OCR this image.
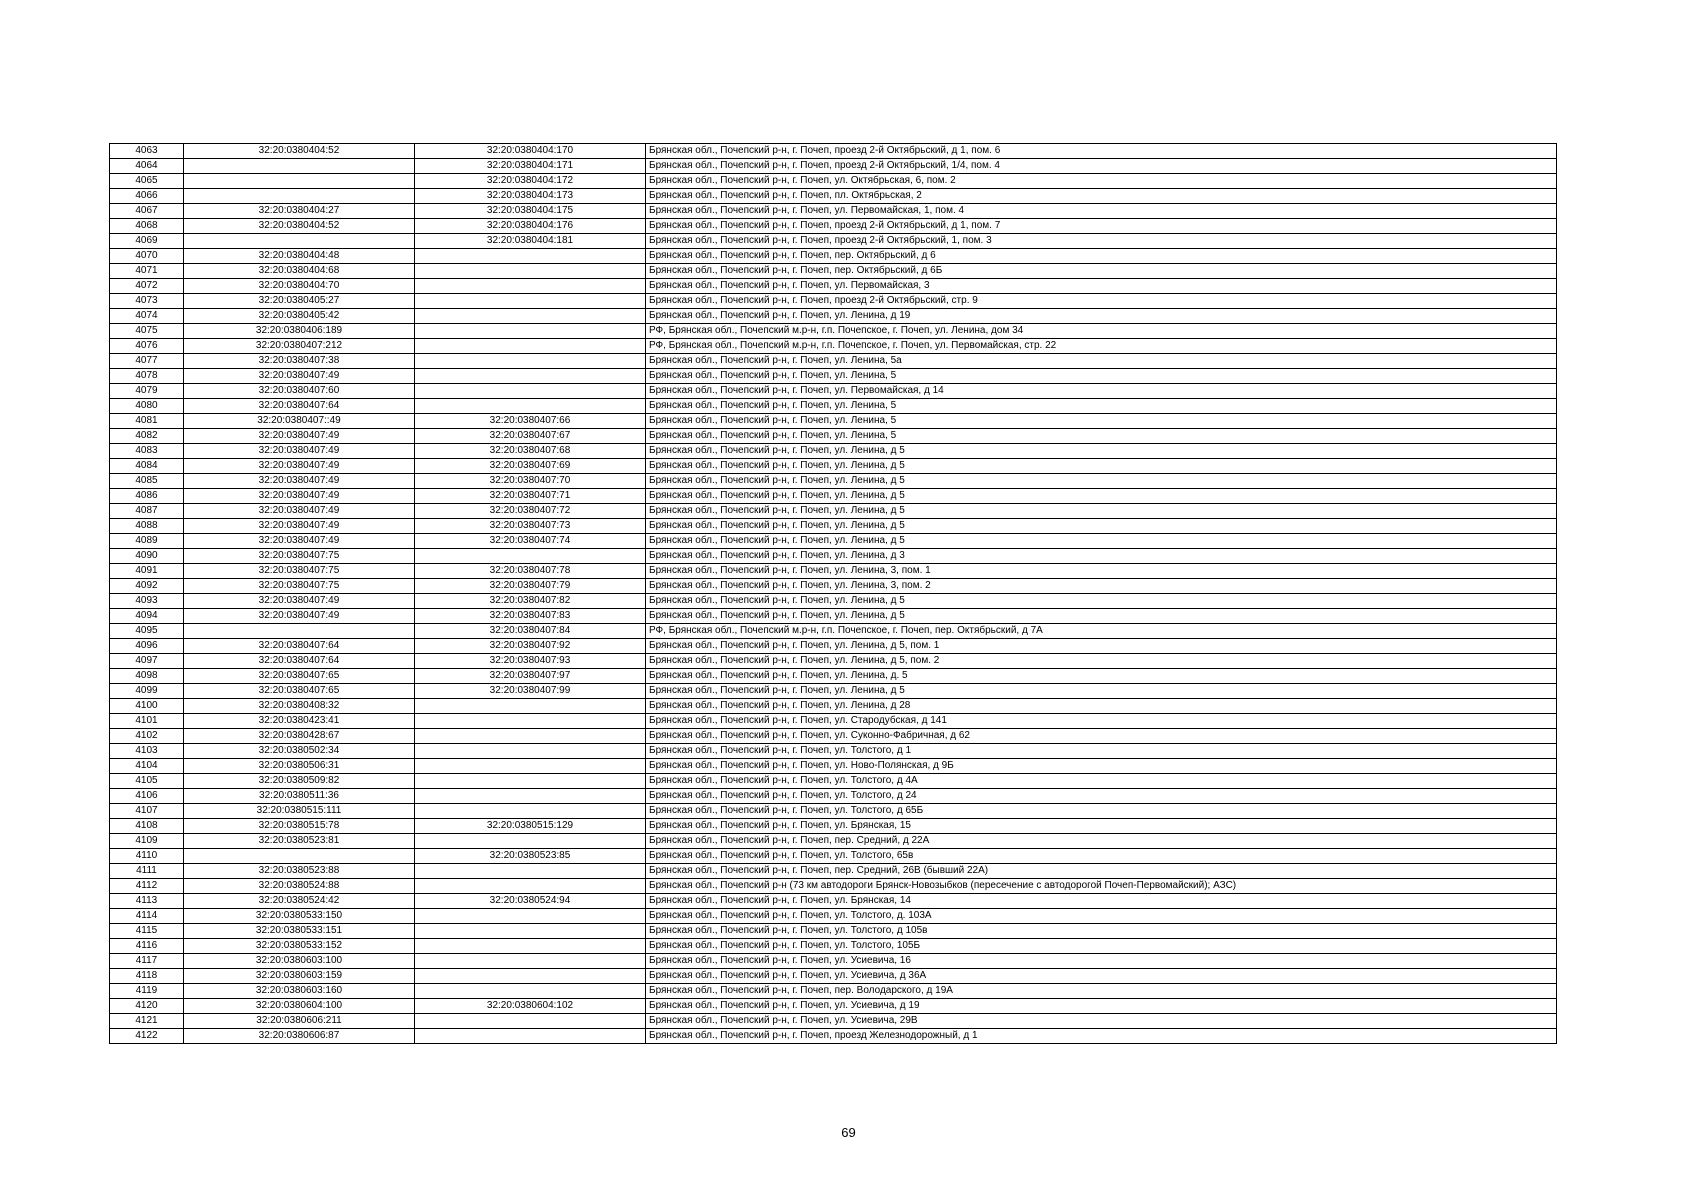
4063	32:20:0380404:52	32:20:0380404:170	Брянская обл., Почепский р-н, г. Почеп, проезд 2-й Октябрьский, д 1, пом. 6
4064		32:20:0380404:171	Брянская обл., Почепский р-н, г. Почеп, проезд 2-й Октябрьский, 1/4, пом. 4
4065		32:20:0380404:172	Брянская обл., Почепский р-н, г. Почеп, ул. Октябрьская, 6, пом. 2
4066		32:20:0380404:173	Брянская обл., Почепский р-н, г. Почеп, пл. Октябрьская, 2
4067	32:20:0380404:27	32:20:0380404:175	Брянская обл., Почепский р-н, г. Почеп, ул. Первомайская, 1, пом. 4
4068	32:20:0380404:52	32:20:0380404:176	Брянская обл., Почепский р-н, г. Почеп, проезд 2-й Октябрьский, д 1, пом. 7
4069		32:20:0380404:181	Брянская обл., Почепский р-н, г. Почеп, проезд 2-й Октябрьский, 1, пом. 3
4070	32:20:0380404:48		Брянская обл., Почепский р-н, г. Почеп, пер. Октябрьский, д 6
4071	32:20:0380404:68		Брянская обл., Почепский р-н, г. Почеп, пер. Октябрьский, д 6Б
4072	32:20:0380404:70		Брянская обл., Почепский р-н, г. Почеп, ул. Первомайская, 3
4073	32:20:0380405:27		Брянская обл., Почепский р-н, г. Почеп, проезд 2-й Октябрьский, стр. 9
4074	32:20:0380405:42		Брянская обл., Почепский р-н, г. Почеп, ул. Ленина, д 19
4075	32:20:0380406:189		РФ, Брянская обл., Почепский м.р-н, г.п. Почепское, г. Почеп, ул. Ленина, дом 34
4076	32:20:0380407:212		РФ, Брянская обл., Почепский м.р-н, г.п. Почепское, г. Почеп, ул. Первомайская, стр. 22
4077	32:20:0380407:38		Брянская обл., Почепский р-н, г. Почеп, ул. Ленина, 5а
4078	32:20:0380407:49		Брянская обл., Почепский р-н, г. Почеп, ул. Ленина, 5
4079	32:20:0380407:60		Брянская обл., Почепский р-н, г. Почеп, ул. Первомайская, д 14
4080	32:20:0380407:64		Брянская обл., Почепский р-н, г. Почеп, ул. Ленина, 5
4081	32:20:0380407::49	32:20:0380407:66	Брянская обл., Почепский р-н, г. Почеп, ул. Ленина, 5
4082	32:20:0380407:49	32:20:0380407:67	Брянская обл., Почепский р-н, г. Почеп, ул. Ленина, 5
4083	32:20:0380407:49	32:20:0380407:68	Брянская обл., Почепский р-н, г. Почеп, ул. Ленина, д 5
4084	32:20:0380407:49	32:20:0380407:69	Брянская обл., Почепский р-н, г. Почеп, ул. Ленина, д 5
4085	32:20:0380407:49	32:20:0380407:70	Брянская обл., Почепский р-н, г. Почеп, ул. Ленина, д 5
4086	32:20:0380407:49	32:20:0380407:71	Брянская обл., Почепский р-н, г. Почеп, ул. Ленина, д 5
4087	32:20:0380407:49	32:20:0380407:72	Брянская обл., Почепский р-н, г. Почеп, ул. Ленина, д 5
4088	32:20:0380407:49	32:20:0380407:73	Брянская обл., Почепский р-н, г. Почеп, ул. Ленина, д 5
4089	32:20:0380407:49	32:20:0380407:74	Брянская обл., Почепский р-н, г. Почеп, ул. Ленина, д 5
4090	32:20:0380407:75		Брянская обл., Почепский р-н, г. Почеп, ул. Ленина, д 3
4091	32:20:0380407:75	32:20:0380407:78	Брянская обл., Почепский р-н, г. Почеп, ул. Ленина, 3, пом. 1
4092	32:20:0380407:75	32:20:0380407:79	Брянская обл., Почепский р-н, г. Почеп, ул. Ленина, 3, пом. 2
4093	32:20:0380407:49	32:20:0380407:82	Брянская обл., Почепский р-н, г. Почеп, ул. Ленина, д 5
4094	32:20:0380407:49	32:20:0380407:83	Брянская обл., Почепский р-н, г. Почеп, ул. Ленина, д 5
4095		32:20:0380407:84	РФ, Брянская обл., Почепский м.р-н, г.п. Почепское, г. Почеп, пер. Октябрьский, д 7А
4096	32:20:0380407:64	32:20:0380407:92	Брянская обл., Почепский р-н, г. Почеп, ул. Ленина, д 5, пом. 1
4097	32:20:0380407:64	32:20:0380407:93	Брянская обл., Почепский р-н, г. Почеп, ул. Ленина, д 5, пом. 2
4098	32:20:0380407:65	32:20:0380407:97	Брянская обл., Почепский р-н, г. Почеп, ул. Ленина, д. 5
4099	32:20:0380407:65	32:20:0380407:99	Брянская обл., Почепский р-н, г. Почеп, ул. Ленина, д 5
4100	32:20:0380408:32		Брянская обл., Почепский р-н, г. Почеп, ул. Ленина, д 28
4101	32:20:0380423:41		Брянская обл., Почепский р-н, г. Почеп, ул. Стародубская, д 141
4102	32:20:0380428:67		Брянская обл., Почепский р-н, г. Почеп, ул. Суконно-Фабричная, д 62
4103	32:20:0380502:34		Брянская обл., Почепский р-н, г. Почеп, ул. Толстого, д 1
4104	32:20:0380506:31		Брянская обл., Почепский р-н, г. Почеп, ул. Ново-Полянская, д 9Б
4105	32:20:0380509:82		Брянская обл., Почепский р-н, г. Почеп, ул. Толстого, д 4А
4106	32:20:0380511:36		Брянская обл., Почепский р-н, г. Почеп, ул. Толстого, д 24
4107	32:20:0380515:111		Брянская обл., Почепский р-н, г. Почеп, ул. Толстого, д 65Б
4108	32:20:0380515:78	32:20:0380515:129	Брянская обл., Почепский р-н, г. Почеп, ул. Брянская, 15
4109	32:20:0380523:81		Брянская обл., Почепский р-н, г. Почеп, пер. Средний, д 22А
4110		32:20:0380523:85	Брянская обл., Почепский р-н, г. Почеп, ул. Толстого, 65в
4111	32:20:0380523:88		Брянская обл., Почепский р-н, г. Почеп, пер. Средний, 26В (бывший 22А)
4112	32:20:0380524:88		Брянская обл., Почепский р-н (73 км автодороги Брянск-Новозыбков (пересечение с автодорогой Почеп-Первомайский); АЗС)
4113	32:20:0380524:42	32:20:0380524:94	Брянская обл., Почепский р-н, г. Почеп, ул. Брянская, 14
4114	32:20:0380533:150		Брянская обл., Почепский р-н, г. Почеп, ул. Толстого, д. 103А
4115	32:20:0380533:151		Брянская обл., Почепский р-н, г. Почеп, ул. Толстого, д 105в
4116	32:20:0380533:152		Брянская обл., Почепский р-н, г. Почеп, ул. Толстого, 105Б
4117	32:20:0380603:100		Брянская обл., Почепский р-н, г. Почеп, ул. Усиевича, 16
4118	32:20:0380603:159		Брянская обл., Почепский р-н, г. Почеп, ул. Усиевича, д 36А
4119	32:20:0380603:160		Брянская обл., Почепский р-н, г. Почеп, пер. Володарского, д 19А
4120	32:20:0380604:100	32:20:0380604:102	Брянская обл., Почепский р-н, г. Почеп, ул. Усиевича, д 19
4121	32:20:0380606:211		Брянская обл., Почепский р-н, г. Почеп, ул. Усиевича, 29В
4122	32:20:0380606:87		Брянская обл., Почепский р-н, г. Почеп, проезд Железнодорожный, д 1
69
